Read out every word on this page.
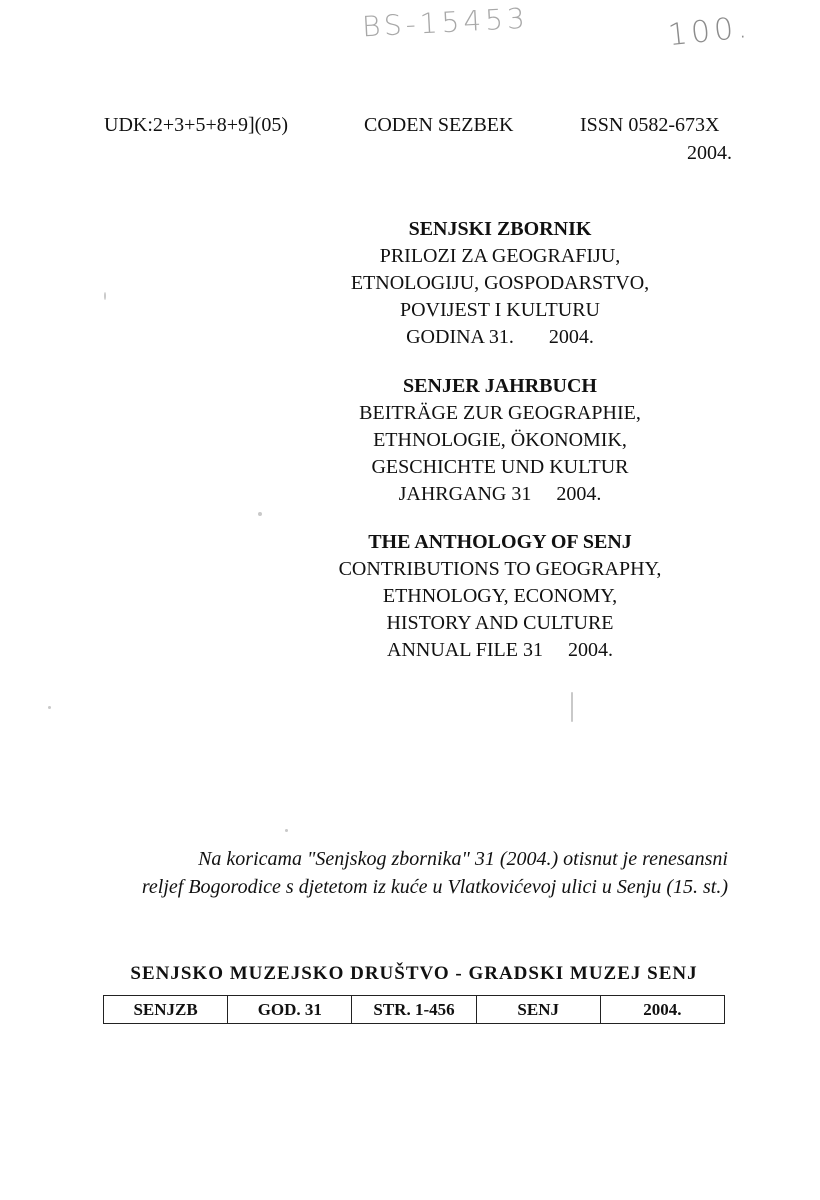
BS-15453	100.
UDK:2+3+5+8+9](05)	CODEN SEZBEK	ISSN 0582-673X
2004.
SENJSKI ZBORNIK
PRILOZI ZA GEOGRAFIJU,
ETNOLOGIJU, GOSPODARSTVO,
POVIJEST I KULTURU
GODINA 31.       2004.
SENJER JAHRBUCH
BEITRÄGE ZUR GEOGRAPHIE,
ETHNOLOGIE, ÖKONOMIK,
GESCHICHTE UND KULTUR
JAHRGANG 31     2004.
THE ANTHOLOGY OF SENJ
CONTRIBUTIONS TO GEOGRAPHY,
ETHNOLOGY, ECONOMY,
HISTORY AND CULTURE
ANNUAL FILE 31     2004.
Na koricama "Senjskog zbornika" 31 (2004.) otisnut je renesansni
reljef Bogorodice s djetetom iz kuće u Vlatkovićevoj ulici u Senju (15. st.)
SENJSKO MUZEJSKO DRUŠTVO - GRADSKI MUZEJ SENJ
SENJZB	GOD. 31	STR. 1-456	SENJ	2004.
